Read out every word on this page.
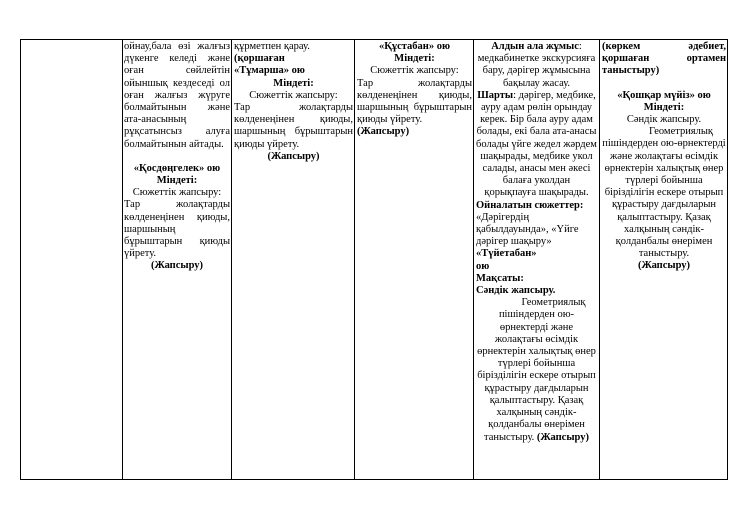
ойнау,бала өзі жалғыз дүкенге келеді және оған сөйлейтін ойыншық кездеседі ол оған жалғыз жүруге болмайтынын және ата-анасының рұқсатынсыз алуға болмайтынын айтады.

«Қосдөңгелек» ою

Міндеті:

Сюжеттік жапсыру:

Тар жолақтарды көлденеңінен қиюды, шаршының бұрыштарын қиюды үйрету.

(Жапсыру)

құрметпен қарау.(қоршаған

«Тұмарша» ою

Міндеті:

Сюжеттік жапсыру:

Тар жолақтарды көлденеңінен қиюды, шаршының бұрыштарын қиюды үйрету.

(Жапсыру)

«Құстабан» ою

Міндеті:

Сюжеттік жапсыру:

Тар жолақтарды көлденеңінен қиюды, шаршының бұрыштарын қиюды үйрету.

(Жапсыру)

Алдын ала жұмыс: медкабинетке экскурсияға бару, дәрігер жұмысына бақылау жасау.

Шарты: дәрігер, медбике, ауру адам рөлін орындау керек. Бір бала ауру адам болады, екі бала ата-анасы болады үйге жедел жәрдем шақырады, медбике укол салады, анасы мен әкесі балаға уколдан қорықпауға шақырады.

Ойналатын сюжеттер:

«Дәрігердің қабылдауында», «Үйге дәрігер шақыру»

«Түйетабан»

ою

Мақсаты:

Сәндік жапсыру.

Геометриялық пішіндерден ою-өрнектерді және жолақтағы өсімдік өрнектерін халықтық өнер түрлері бойынша біріздiлiгiн ескере отырып құрастыру дағдыларын қалыптастыру. Қазақ халқының сәндік-қолданбалы өнерімен таныстыру. (Жапсыру)

(көркем	әдебиет,

қоршаған	ортамен

таныстыру)

«Қошқар мүйіз» ою

Міндеті:

Сәндік жапсыру.

Геометриялық пішіндерден ою-өрнектерді және жолақтағы өсімдік өрнектерін халықтық өнер түрлері бойынша біріздiлiгiн ескере отырып құрастыру дағдыларын қалыптастыру. Қазақ халқының сәндік-қолданбалы өнерімен таныстыру.

(Жапсыру)
